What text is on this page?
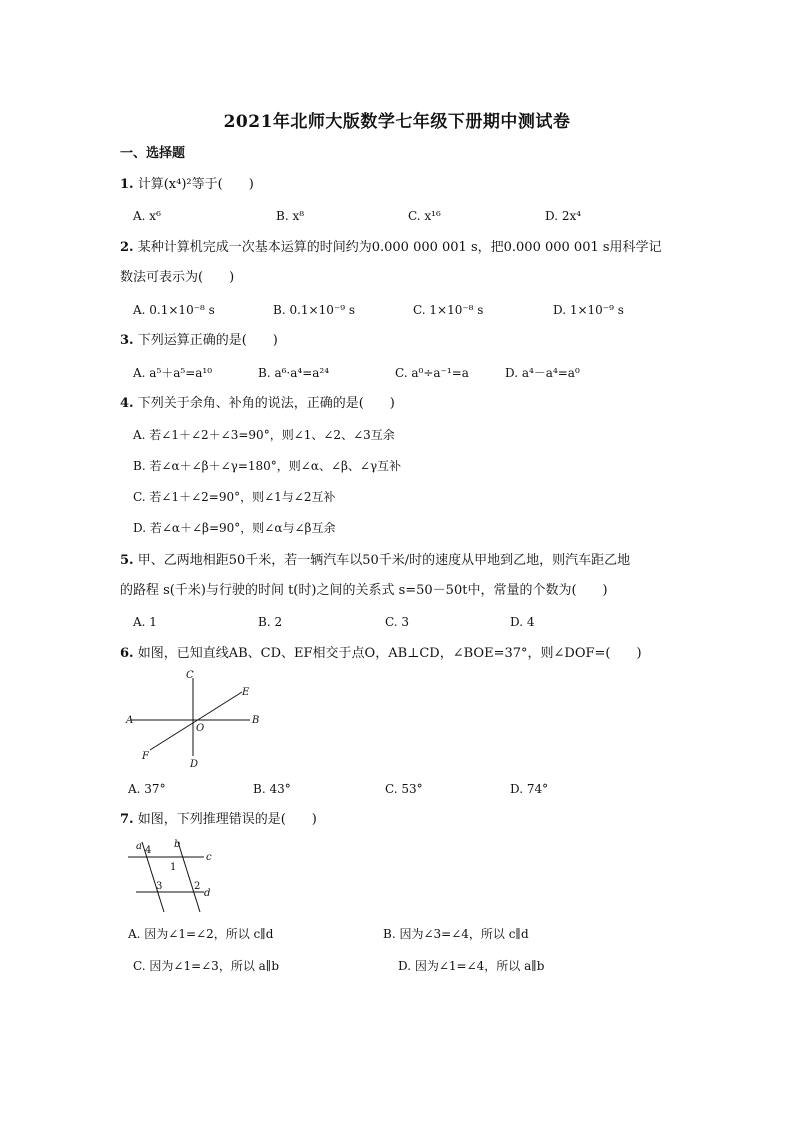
2021年北师大版数学七年级下册期中测试卷
一、选择题
1. 计算(x⁴)²等于(　　)
A. x⁶	B. x⁸	C. x¹⁶	D. 2x⁴
2. 某种计算机完成一次基本运算的时间约为0.000 000 001 s，把0.000 000 001 s用科学记
数法可表示为(　　)
A. 0.1×10⁻⁸ s	B. 0.1×10⁻⁹ s	C. 1×10⁻⁸ s	D. 1×10⁻⁹ s
3. 下列运算正确的是(　　)
A. a⁵＋a⁵=a¹⁰	B. a⁶·a⁴=a²⁴	C. a⁰÷a⁻¹=a	D. a⁴－a⁴=a⁰
4. 下列关于余角、补角的说法，正确的是(　　)
A. 若∠1＋∠2＋∠3=90°，则∠1、∠2、∠3互余
B. 若∠α＋∠β＋∠γ=180°，则∠α、∠β、∠γ互补
C. 若∠1＋∠2=90°，则∠1与∠2互补
D. 若∠α＋∠β=90°，则∠α与∠β互余
5. 甲、乙两地相距50千米，若一辆汽车以50千米/时的速度从甲地到乙地，则汽车距乙地
的路程 s(千米)与行驶的时间 t(时)之间的关系式 s=50－50t中，常量的个数为(　　)
A. 1	B. 2	C. 3	D. 4
6. 如图，已知直线AB、CD、EF相交于点O，AB⊥CD，∠BOE=37°，则∠DOF=(　　)
C
E
A
O
B
F
D
A. 37°	B. 43°	C. 53°	D. 74°
7. 如图，下列推理错误的是(　　)
a	b
c
d
1
2
3
4
A. 因为∠1=∠2，所以 c∥d	B. 因为∠3=∠4，所以 c∥d
C. 因为∠1=∠3，所以 a∥b	D. 因为∠1=∠4，所以 a∥b
